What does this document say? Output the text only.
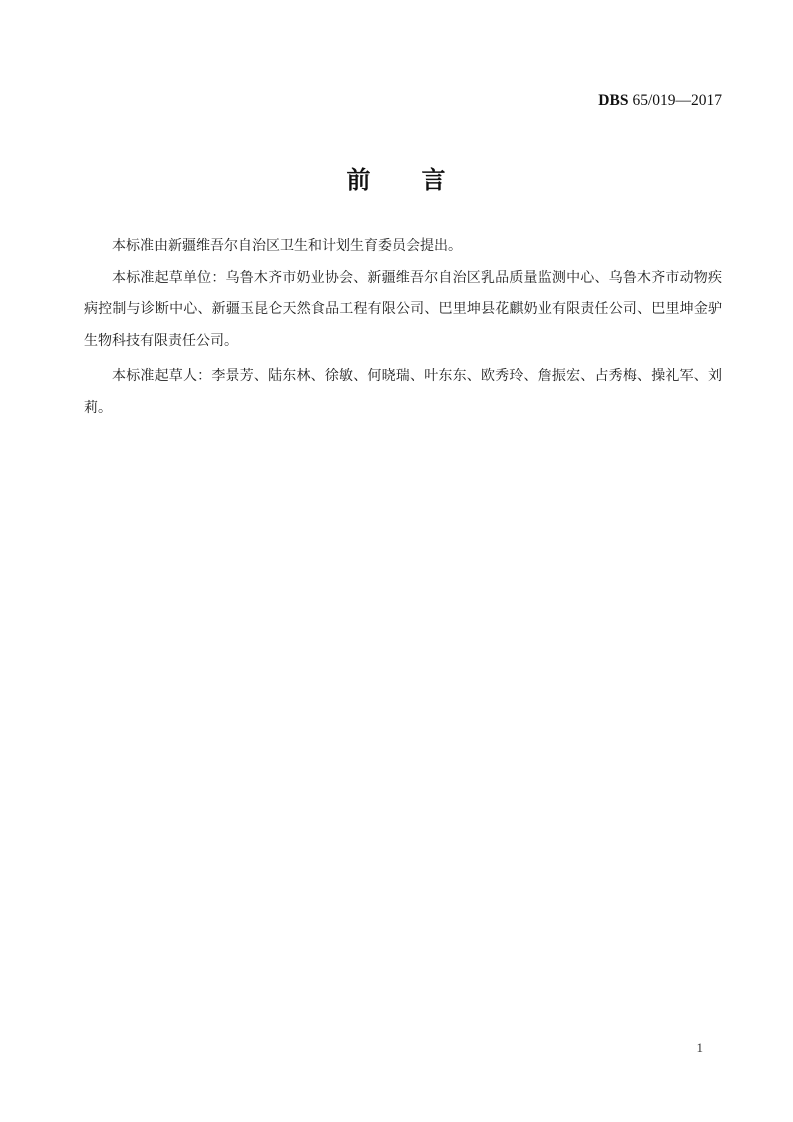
DBS 65/019—2017
前　　言

本标准由新疆维吾尔自治区卫生和计划生育委员会提出。

本标准起草单位：乌鲁木齐市奶业协会、新疆维吾尔自治区乳品质量监测中心、乌鲁木齐市动物疾病控制与诊断中心、新疆玉昆仑天然食品工程有限公司、巴里坤县花麒奶业有限责任公司、巴里坤金驴生物科技有限责任公司。

本标准起草人：李景芳、陆东林、徐敏、何晓瑞、叶东东、欧秀玲、詹振宏、占秀梅、操礼军、刘莉。

1
